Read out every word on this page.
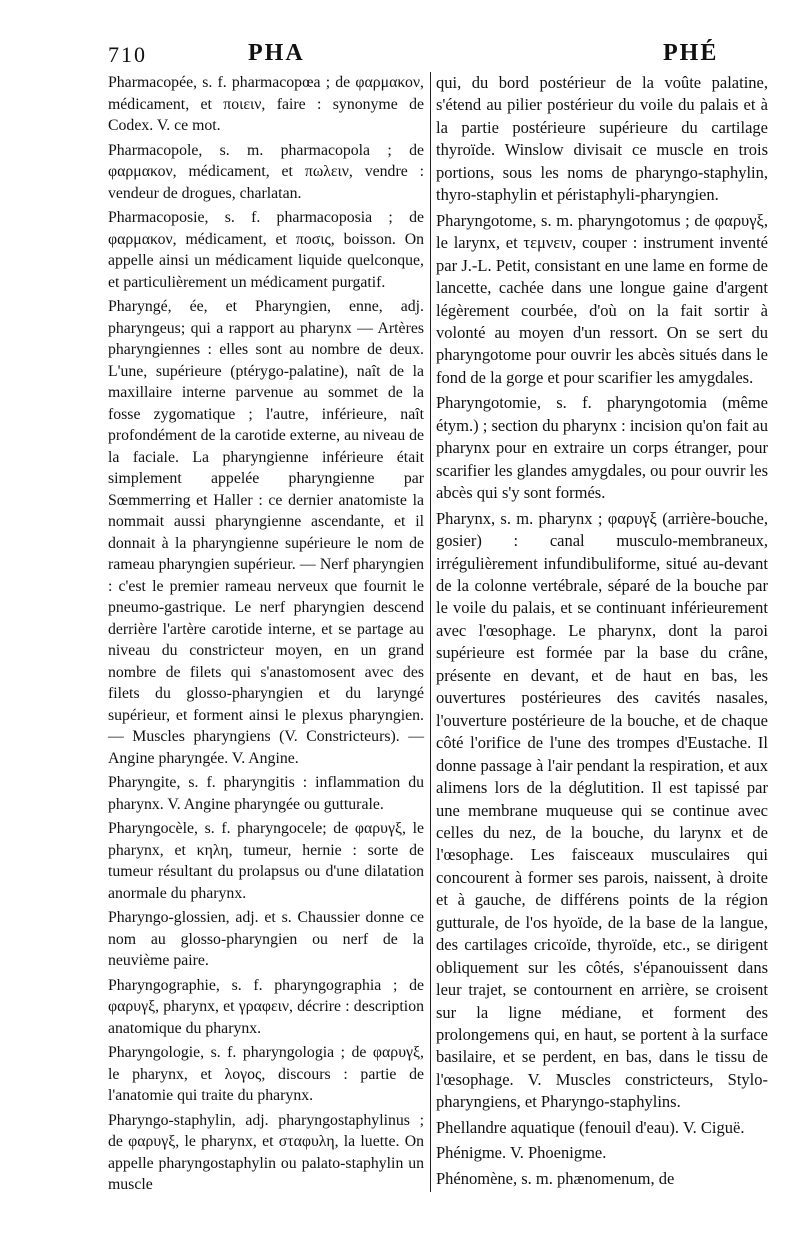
710	PHA	PHÉ

Pharmacopée, s. f. pharmacopœa ; de φαρμακον, médicament, et ποιειν, faire : synonyme de Codex. V. ce mot.

Pharmacopole, s. m. pharmacopola ; de φαρμακον, médicament, et πωλειν, vendre : vendeur de drogues, charlatan.

Pharmacoposie, s. f. pharmacoposia ; de φαρμακον, médicament, et ποσις, boisson. On appelle ainsi un médicament liquide quelconque, et particulièrement un médicament purgatif.

Pharyngé, ée, et Pharyngien, enne, adj. pharyngeus; qui a rapport au pharynx — Artères pharyngiennes : elles sont au nombre de deux. L'une, supérieure (ptérygo-palatine), naît de la maxillaire interne parvenue au sommet de la fosse zygomatique ; l'autre, inférieure, naît profondément de la carotide externe, au niveau de la faciale. La pharyngienne inférieure était simplement appelée pharyngienne par Sœmmerring et Haller : ce dernier anatomiste la nommait aussi pharyngienne ascendante, et il donnait à la pharyngienne supérieure le nom de rameau pharyngien supérieur. — Nerf pharyngien : c'est le premier rameau nerveux que fournit le pneumo-gastrique. Le nerf pharyngien descend derrière l'artère carotide interne, et se partage au niveau du constricteur moyen, en un grand nombre de filets qui s'anastomosent avec des filets du glosso-pharyngien et du laryngé supérieur, et forment ainsi le plexus pharyngien. — Muscles pharyngiens (V. Constricteurs). — Angine pharyngée. V. Angine.

Pharyngite, s. f. pharyngitis : inflammation du pharynx. V. Angine pharyngée ou gutturale.

Pharyngocèle, s. f. pharyngocele; de φαρυγξ, le pharynx, et κηλη, tumeur, hernie : sorte de tumeur résultant du prolapsus ou d'une dilatation anormale du pharynx.

Pharyngo-glossien, adj. et s. Chaussier donne ce nom au glosso-pharyngien ou nerf de la neuvième paire.

Pharyngographie, s. f. pharyngographia ; de φαρυγξ, pharynx, et γραφειν, décrire : description anatomique du pharynx.

Pharyngologie, s. f. pharyngologia ; de φαρυγξ, le pharynx, et λογος, discours : partie de l'anatomie qui traite du pharynx.

Pharyngo-staphylin, adj. pharyngostaphylinus ; de φαρυγξ, le pharynx, et σταφυλη, la luette. On appelle pharyngostaphylin ou palato-staphylin un muscle

qui, du bord postérieur de la voûte palatine, s'étend au pilier postérieur du voile du palais et à la partie postérieure supérieure du cartilage thyroïde. Winslow divisait ce muscle en trois portions, sous les noms de pharyngo-staphylin, thyro-staphylin et péristaphyli-pharyngien.

Pharyngotome, s. m. pharyngotomus ; de φαρυγξ, le larynx, et τεμνειν, couper : instrument inventé par J.-L. Petit, consistant en une lame en forme de lancette, cachée dans une longue gaine d'argent légèrement courbée, d'où on la fait sortir à volonté au moyen d'un ressort. On se sert du pharyngotome pour ouvrir les abcès situés dans le fond de la gorge et pour scarifier les amygdales.

Pharyngotomie, s. f. pharyngotomia (même étym.) ; section du pharynx : incision qu'on fait au pharynx pour en extraire un corps étranger, pour scarifier les glandes amygdales, ou pour ouvrir les abcès qui s'y sont formés.

Pharynx, s. m. pharynx ; φαρυγξ (arrière-bouche, gosier) : canal musculo-membraneux, irrégulièrement infundibuliforme, situé au-devant de la colonne vertébrale, séparé de la bouche par le voile du palais, et se continuant inférieurement avec l'œsophage. Le pharynx, dont la paroi supérieure est formée par la base du crâne, présente en devant, et de haut en bas, les ouvertures postérieures des cavités nasales, l'ouverture postérieure de la bouche, et de chaque côté l'orifice de l'une des trompes d'Eustache. Il donne passage à l'air pendant la respiration, et aux alimens lors de la déglutition. Il est tapissé par une membrane muqueuse qui se continue avec celles du nez, de la bouche, du larynx et de l'œsophage. Les faisceaux musculaires qui concourent à former ses parois, naissent, à droite et à gauche, de différens points de la région gutturale, de l'os hyoïde, de la base de la langue, des cartilages cricoïde, thyroïde, etc., se dirigent obliquement sur les côtés, s'épanouissent dans leur trajet, se contournent en arrière, se croisent sur la ligne médiane, et forment des prolongemens qui, en haut, se portent à la surface basilaire, et se perdent, en bas, dans le tissu de l'œsophage. V. Muscles constricteurs, Stylo-pharyngiens, et Pharyngo-staphylins.

Phellandre aquatique (fenouil d'eau). V. Ciguë.

Phénigme. V. Phoenigme.

Phénomène, s. m. phænomenum, de
